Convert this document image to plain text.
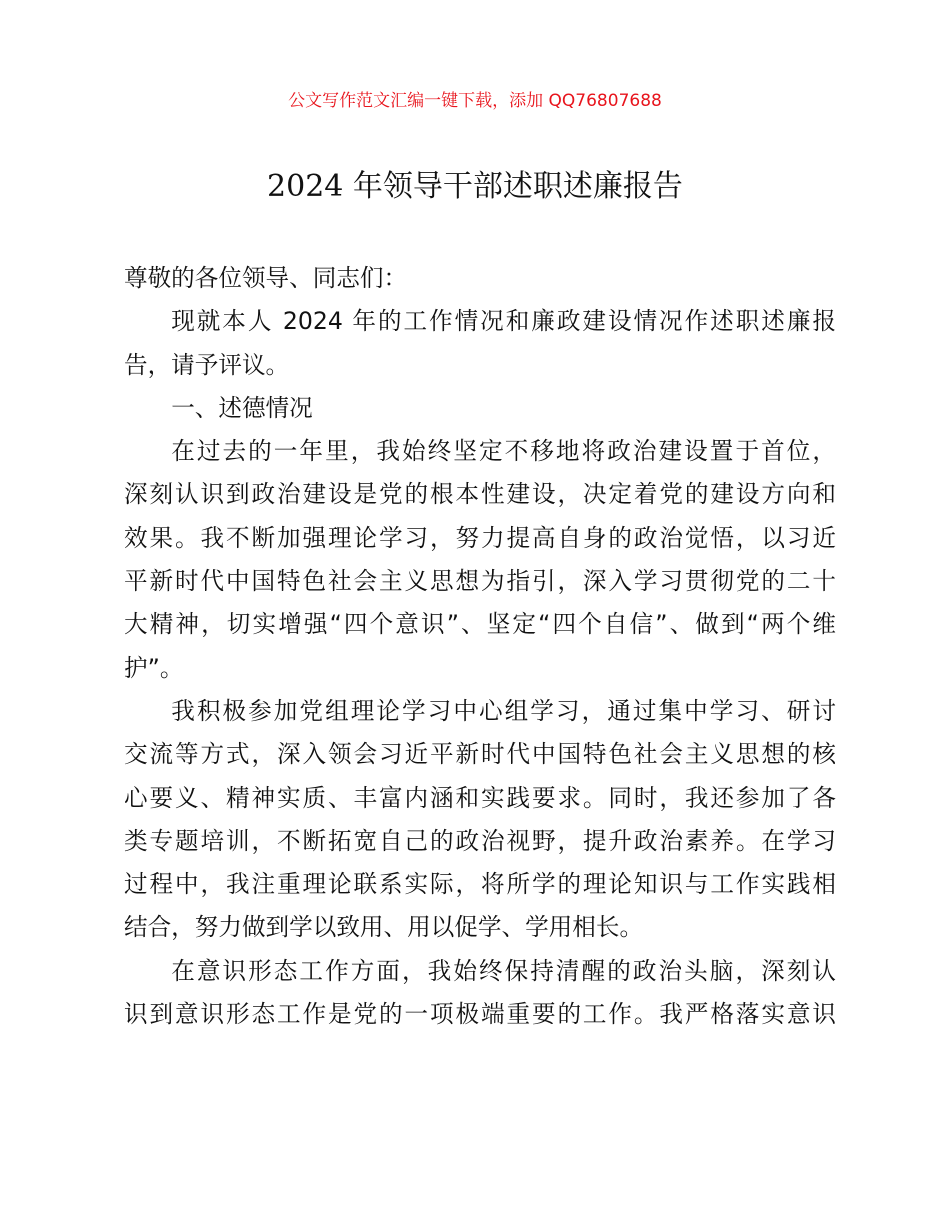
公文写作范文汇编一键下载，添加 QQ76807688
2024 年领导干部述职述廉报告
尊敬的各位领导、同志们：
现就本人 2024 年的工作情况和廉政建设情况作述职述廉报
告，请予评议。
一、述德情况
在过去的一年里，我始终坚定不移地将政治建设置于首位，
深刻认识到政治建设是党的根本性建设，决定着党的建设方向和
效果。我不断加强理论学习，努力提高自身的政治觉悟，以习近
平新时代中国特色社会主义思想为指引，深入学习贯彻党的二十
大精神，切实增强“四个意识”、坚定“四个自信”、做到“两个维
护”。
我积极参加党组理论学习中心组学习，通过集中学习、研讨
交流等方式，深入领会习近平新时代中国特色社会主义思想的核
心要义、精神实质、丰富内涵和实践要求。同时，我还参加了各
类专题培训，不断拓宽自己的政治视野，提升政治素养。在学习
过程中，我注重理论联系实际，将所学的理论知识与工作实践相
结合，努力做到学以致用、用以促学、学用相长。
在意识形态工作方面，我始终保持清醒的政治头脑，深刻认
识到意识形态工作是党的一项极端重要的工作。我严格落实意识
